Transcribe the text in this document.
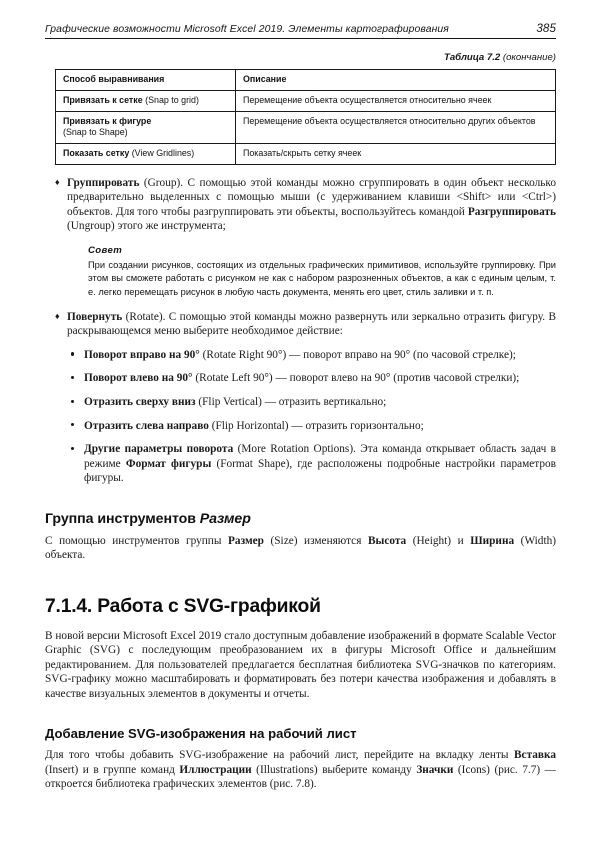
Графические возможности Microsoft Excel 2019. Элементы картографирования	385
Таблица 7.2 (окончание)
Способ выравнивания	Описание
Привязать к сетке (Snap to grid)	Перемещение объекта осуществляется относительно ячеек
Привязать к фигуре
(Snap to Shape)	Перемещение объекта осуществляется относительно других объектов
Показать сетку (View Gridlines)	Показать/скрыть сетку ячеек
♦ Группировать (Group). С помощью этой команды можно сгруппировать в один объект несколько предварительно выделенных с помощью мыши (с удерживанием клавиши <Shift> или <Ctrl>) объектов. Для того чтобы разгруппировать эти объекты, воспользуйтесь командой Разгруппировать (Ungroup) этого же инструмента;

Совет
При создании рисунков, состоящих из отдельных графических примитивов, используйте группировку. При этом вы сможете работать с рисунком не как с набором разрозненных объектов, а как с единым целым, т. е. легко перемещать рисунок в любую часть документа, менять его цвет, стиль заливки и т. п.
♦ Повернуть (Rotate). С помощью этой команды можно развернуть или зеркально отразить фигуру. В раскрывающемся меню выберите необходимое действие:

Поворот вправо на 90° (Rotate Right 90°) — поворот вправо на 90° (по часовой стрелке);
Поворот влево на 90° (Rotate Left 90°) — поворот влево на 90° (против часовой стрелки);
Отразить сверху вниз (Flip Vertical) — отразить вертикально;
Отразить слева направо (Flip Horizontal) — отразить горизонтально;
Другие параметры поворота (More Rotation Options). Эта команда открывает область задач в режиме Формат фигуры (Format Shape), где расположены подробные настройки параметров фигуры.
Группа инструментов Размер

С помощью инструментов группы Размер (Size) изменяются Высота (Height) и Ширина (Width) объекта.

7.1.4. Работа с SVG-графикой

В новой версии Microsoft Excel 2019 стало доступным добавление изображений в формате Scalable Vector Graphic (SVG) с последующим преобразованием их в фигуры Microsoft Office и дальнейшим редактированием. Для пользователей предлагается бесплатная библиотека SVG-значков по категориям. SVG-графику можно масштабировать и форматировать без потери качества изображения и добавлять в качестве визуальных элементов в документы и отчеты.

Добавление SVG-изображения на рабочий лист

Для того чтобы добавить SVG-изображение на рабочий лист, перейдите на вкладку ленты Вставка (Insert) и в группе команд Иллюстрации (Illustrations) выберите команду Значки (Icons) (рис. 7.7) — откроется библиотека графических элементов (рис. 7.8).
